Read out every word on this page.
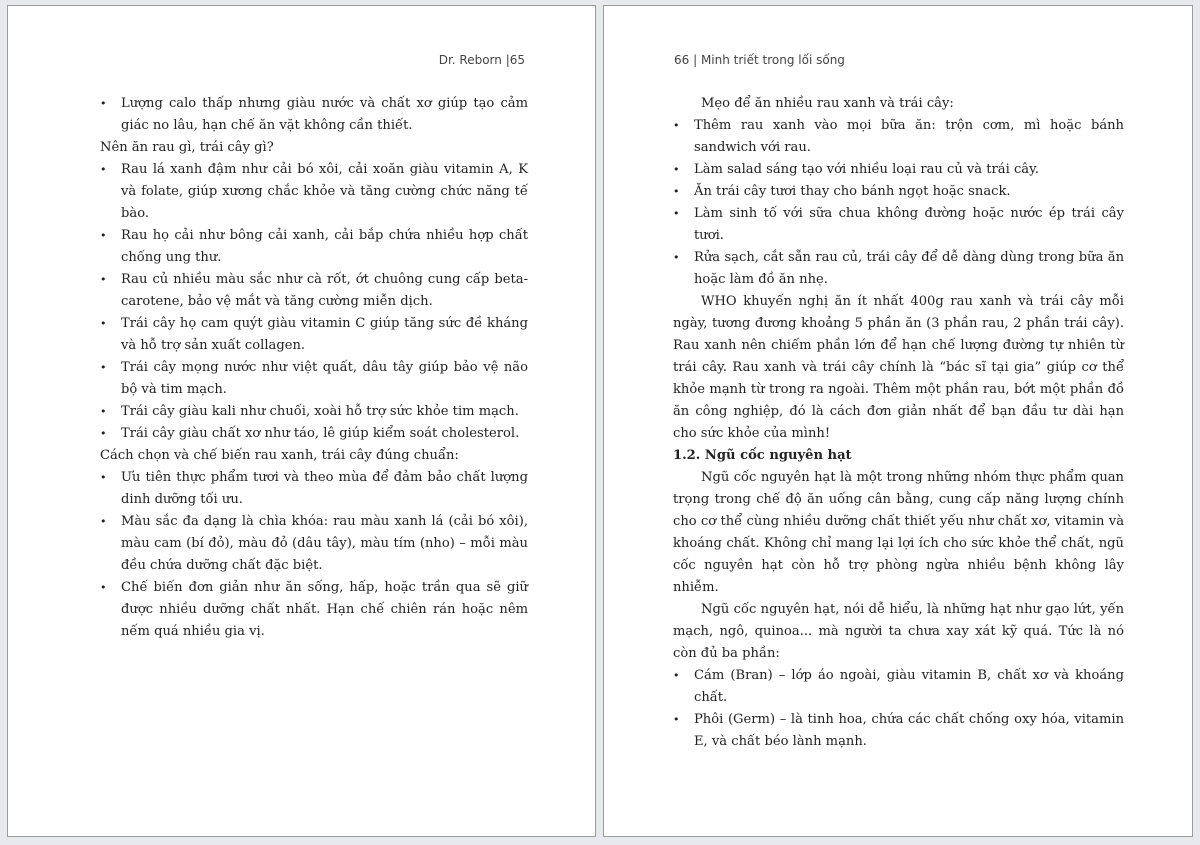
Dr. Reborn |65

• Lượng calo thấp nhưng giàu nước và chất xơ giúp tạo cảm giác no lâu, hạn chế ăn vặt không cần thiết.

Nên ăn rau gì, trái cây gì?

• Rau lá xanh đậm như cải bó xôi, cải xoăn giàu vitamin A, K và folate, giúp xương chắc khỏe và tăng cường chức năng tế bào.

• Rau họ cải như bông cải xanh, cải bắp chứa nhiều hợp chất chống ung thư.

• Rau củ nhiều màu sắc như cà rốt, ớt chuông cung cấp beta-carotene, bảo vệ mắt và tăng cường miễn dịch.

• Trái cây họ cam quýt giàu vitamin C giúp tăng sức đề kháng và hỗ trợ sản xuất collagen.

• Trái cây mọng nước như việt quất, dâu tây giúp bảo vệ não bộ và tim mạch.

• Trái cây giàu kali như chuối, xoài hỗ trợ sức khỏe tim mạch.

• Trái cây giàu chất xơ như táo, lê giúp kiểm soát cholesterol.

Cách chọn và chế biến rau xanh, trái cây đúng chuẩn:

• Ưu tiên thực phẩm tươi và theo mùa để đảm bảo chất lượng dinh dưỡng tối ưu.

• Màu sắc đa dạng là chìa khóa: rau màu xanh lá (cải bó xôi), màu cam (bí đỏ), màu đỏ (dâu tây), màu tím (nho) – mỗi màu đều chứa dưỡng chất đặc biệt.

• Chế biến đơn giản như ăn sống, hấp, hoặc trần qua sẽ giữ được nhiều dưỡng chất nhất. Hạn chế chiên rán hoặc nêm nếm quá nhiều gia vị.

66 | Minh triết trong lối sống

Mẹo để ăn nhiều rau xanh và trái cây:

• Thêm rau xanh vào mọi bữa ăn: trộn cơm, mì hoặc bánh sandwich với rau.

• Làm salad sáng tạo với nhiều loại rau củ và trái cây.

• Ăn trái cây tươi thay cho bánh ngọt hoặc snack.

• Làm sinh tố với sữa chua không đường hoặc nước ép trái cây tươi.

• Rửa sạch, cắt sẵn rau củ, trái cây để dễ dàng dùng trong bữa ăn hoặc làm đồ ăn nhẹ.

WHO khuyến nghị ăn ít nhất 400g rau xanh và trái cây mỗi ngày, tương đương khoảng 5 phần ăn (3 phần rau, 2 phần trái cây). Rau xanh nên chiếm phần lớn để hạn chế lượng đường tự nhiên từ trái cây. Rau xanh và trái cây chính là “bác sĩ tại gia” giúp cơ thể khỏe mạnh từ trong ra ngoài. Thêm một phần rau, bớt một phần đồ ăn công nghiệp, đó là cách đơn giản nhất để bạn đầu tư dài hạn cho sức khỏe của mình!

1.2. Ngũ cốc nguyên hạt

Ngũ cốc nguyên hạt là một trong những nhóm thực phẩm quan trọng trong chế độ ăn uống cân bằng, cung cấp năng lượng chính cho cơ thể cùng nhiều dưỡng chất thiết yếu như chất xơ, vitamin và khoáng chất. Không chỉ mang lại lợi ích cho sức khỏe thể chất, ngũ cốc nguyên hạt còn hỗ trợ phòng ngừa nhiều bệnh không lây nhiễm.

Ngũ cốc nguyên hạt, nói dễ hiểu, là những hạt như gạo lứt, yến mạch, ngô, quinoa... mà người ta chưa xay xát kỹ quá. Tức là nó còn đủ ba phần:

• Cám (Bran) – lớp áo ngoài, giàu vitamin B, chất xơ và khoáng chất.

• Phôi (Germ) – là tinh hoa, chứa các chất chống oxy hóa, vitamin E, và chất béo lành mạnh.
